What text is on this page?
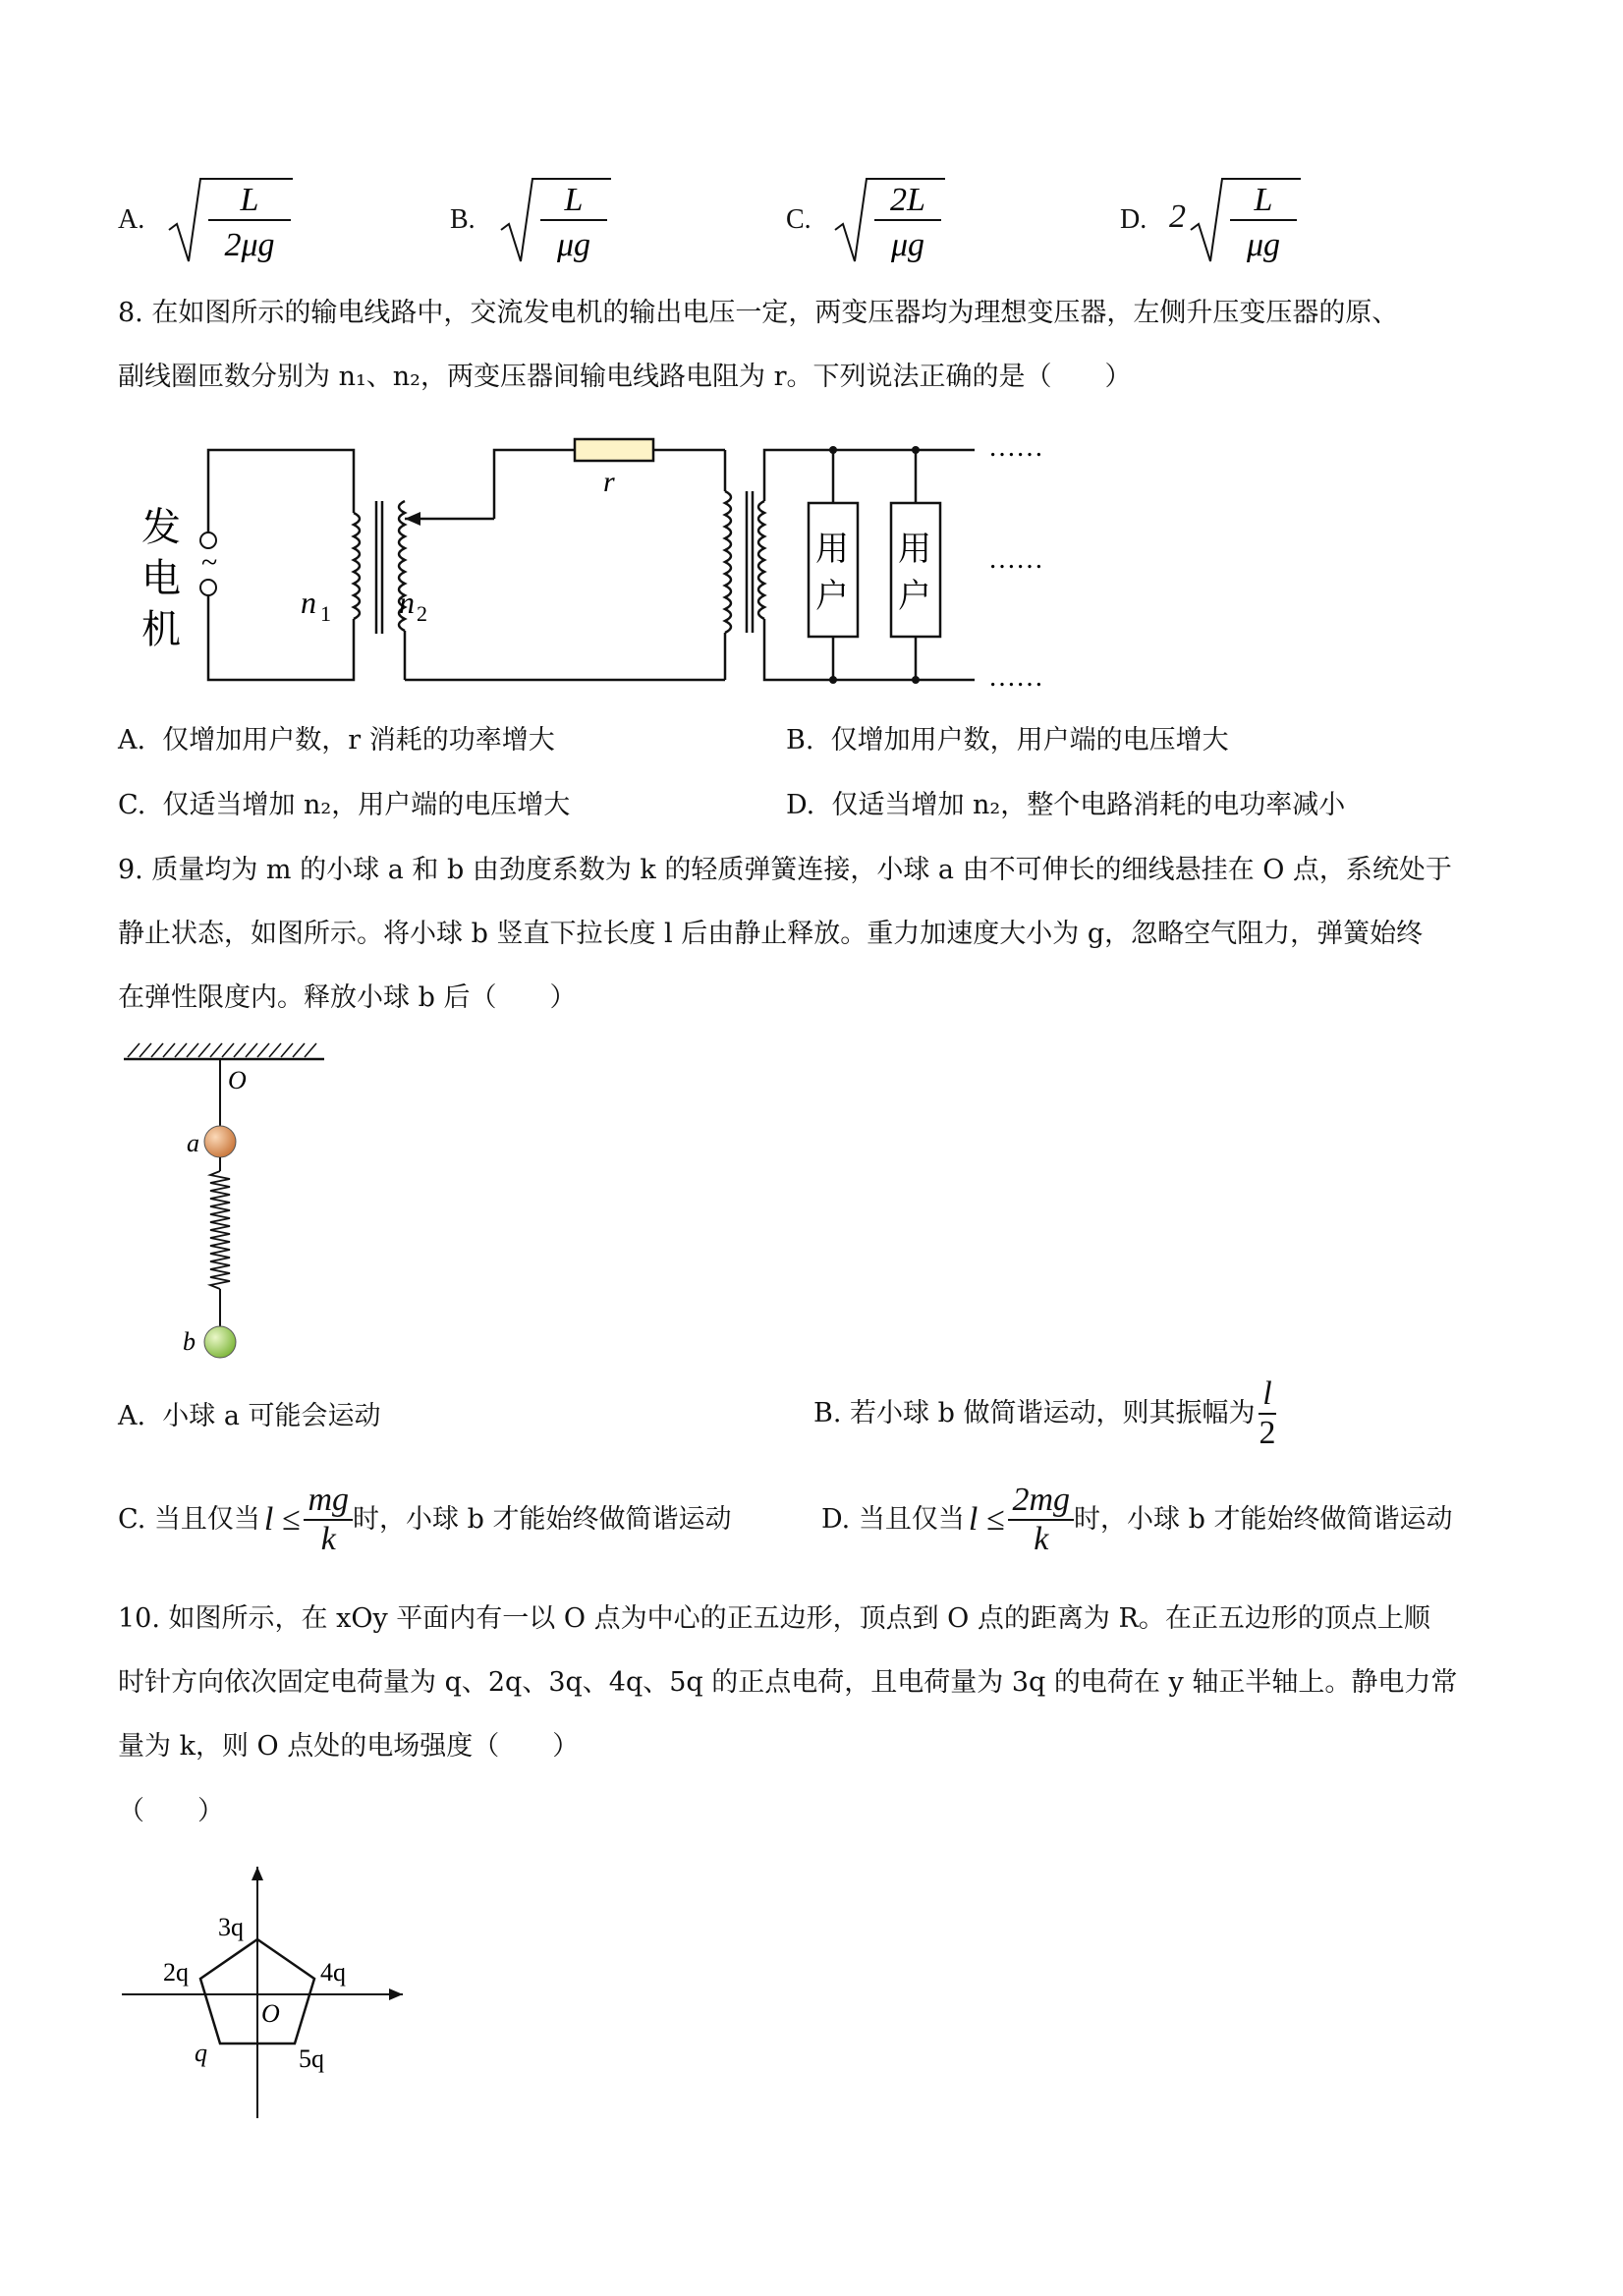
A.
L
2μg
B.
L
μg
C.
2L
μg
D. 2 L
μg
8. 在如图所示的输电线路中，交流发电机的输出电压一定，两变压器均为理想变压器，左侧升压变压器的原、
副线圈匝数分别为 n₁、n₂，两变压器间输电线路电阻为 r。下列说法正确的是（　　）
~
发
电
机
n 1 n 2
r
用
户
用
户
……
……
……
A. 仅增加用户数，r 消耗的功率增大	B. 仅增加用户数，用户端的电压增大
C. 仅适当增加 n₂，用户端的电压增大	D. 仅适当增加 n₂，整个电路消耗的电功率减小
9. 质量均为 m 的小球 a 和 b 由劲度系数为 k 的轻质弹簧连接，小球 a 由不可伸长的细线悬挂在 O 点，系统处于
静止状态，如图所示。将小球 b 竖直下拉长度 l 后由静止释放。重力加速度大小为 g，忽略空气阻力，弹簧始终
在弹性限度内。释放小球 b 后（　　）
O
a
b
A. 小球 a 可能会运动	B.
若小球 b 做简谐运动，则其振幅为 $\frac{l}{2}$
C.
当且仅当 $l \le \frac{mg}{k}$ 时，小球 b 才能始终做简谐运动	D.
当且仅当 $l \le \frac{2mg}{k}$ 时，小球 b 才能始终做简谐运动
10. 如图所示，在 xOy 平面内有一以 O 点为中心的正五边形，顶点到 O 点的距离为 R。在正五边形的顶点上顺
时针方向依次固定电荷量为 q、2q、3q、4q、5q 的正点电荷，且电荷量为 3q 的电荷在 y 轴正半轴上。静电力常
量为 k，则 O 点处的电场强度（　　）
（　　）
3q
2q	4q
q	5q
O
